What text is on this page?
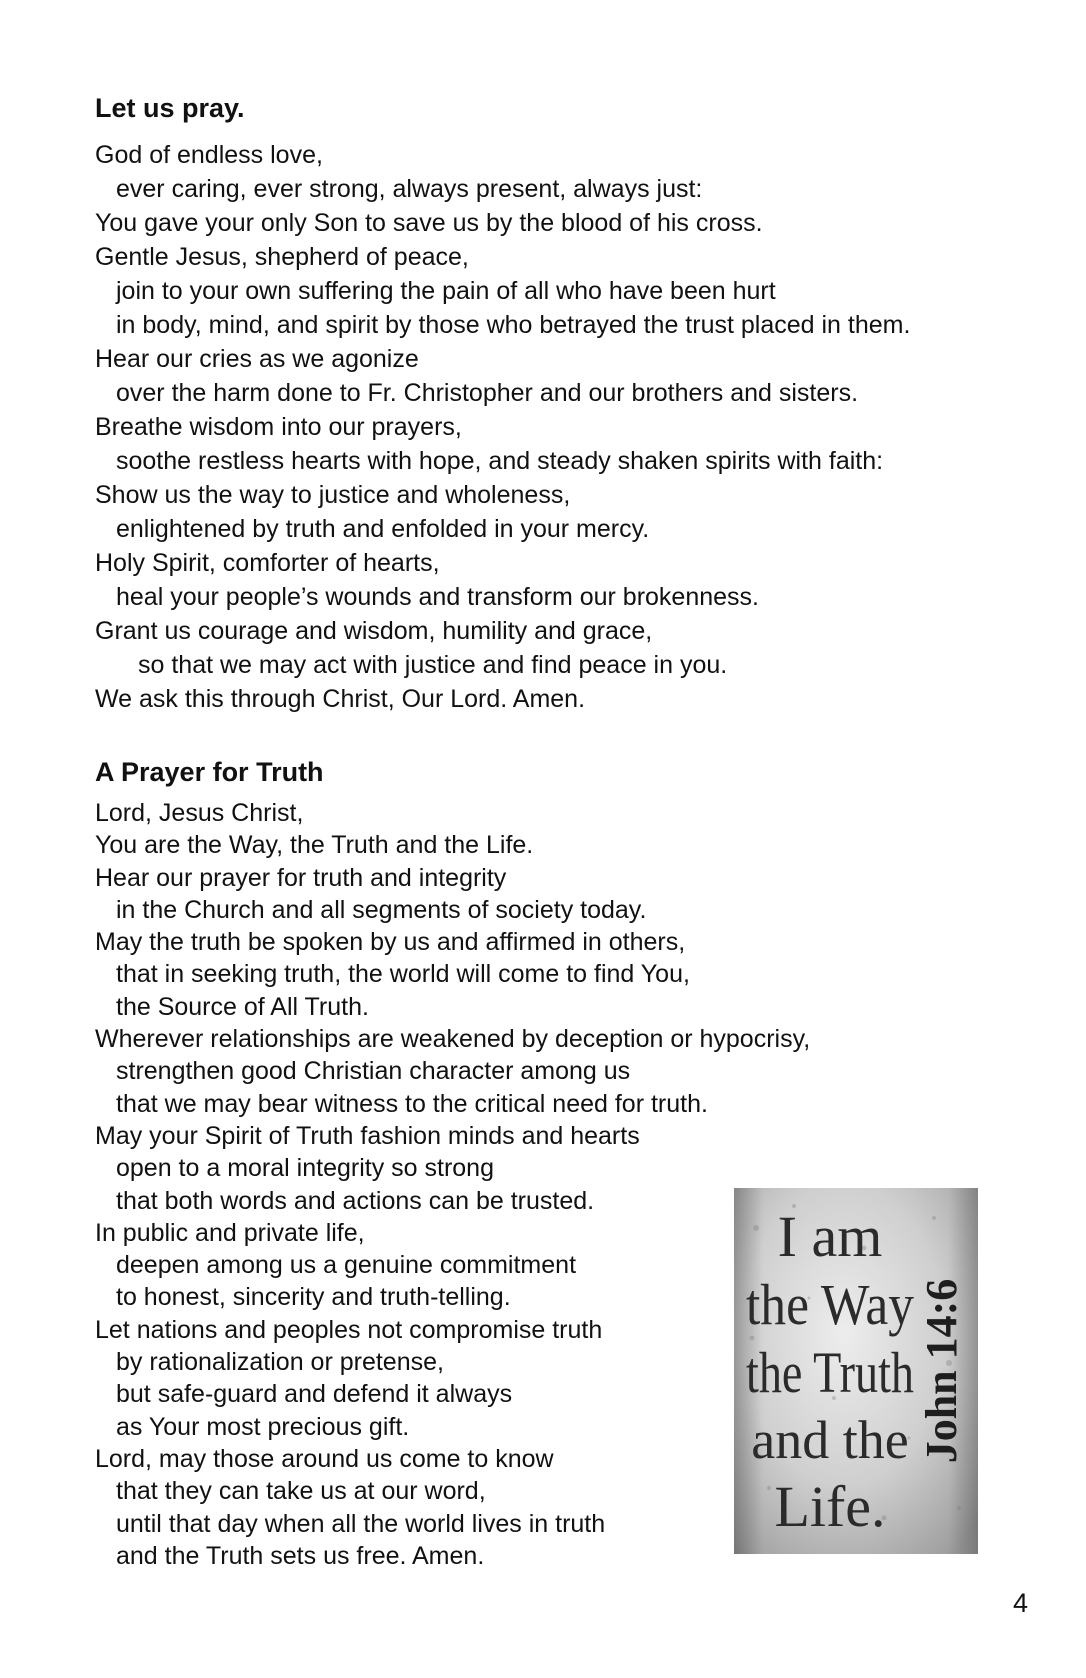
Let us pray.
God of endless love,
ever caring, ever strong, always present, always just:
You gave your only Son to save us by the blood of his cross.
Gentle Jesus, shepherd of peace,
join to your own suffering the pain of all who have been hurt
in body, mind, and spirit by those who betrayed the trust placed in them.
Hear our cries as we agonize
over the harm done to Fr. Christopher and our brothers and sisters.
Breathe wisdom into our prayers,
soothe restless hearts with hope, and steady shaken spirits with faith:
Show us the way to justice and wholeness,
enlightened by truth and enfolded in your mercy.
Holy Spirit, comforter of hearts,
heal your people’s wounds and transform our brokenness.
Grant us courage and wisdom, humility and grace,
so that we may act with justice and find peace in you.
We ask this through Christ, Our Lord. Amen.
A Prayer for Truth
Lord, Jesus Christ,
You are the Way, the Truth and the Life.
Hear our prayer for truth and integrity
in the Church and all segments of society today.
May the truth be spoken by us and affirmed in others,
that in seeking truth, the world will come to find You,
the Source of All Truth.
Wherever relationships are weakened by deception or hypocrisy,
strengthen good Christian character among us
that we may bear witness to the critical need for truth.
May your Spirit of Truth fashion minds and hearts
open to a moral integrity so strong
that both words and actions can be trusted.
In public and private life,
deepen among us a genuine commitment
to honest, sincerity and truth-telling.
Let nations and peoples not compromise truth
by rationalization or pretense,
but safe-guard and defend it always
as Your most precious gift.
Lord, may those around us come to know
that they can take us at our word,
until that day when all the world lives in truth
and the Truth sets us free. Amen.
I am
the Way
the Truth
and the
Life.
John 14:6
4
